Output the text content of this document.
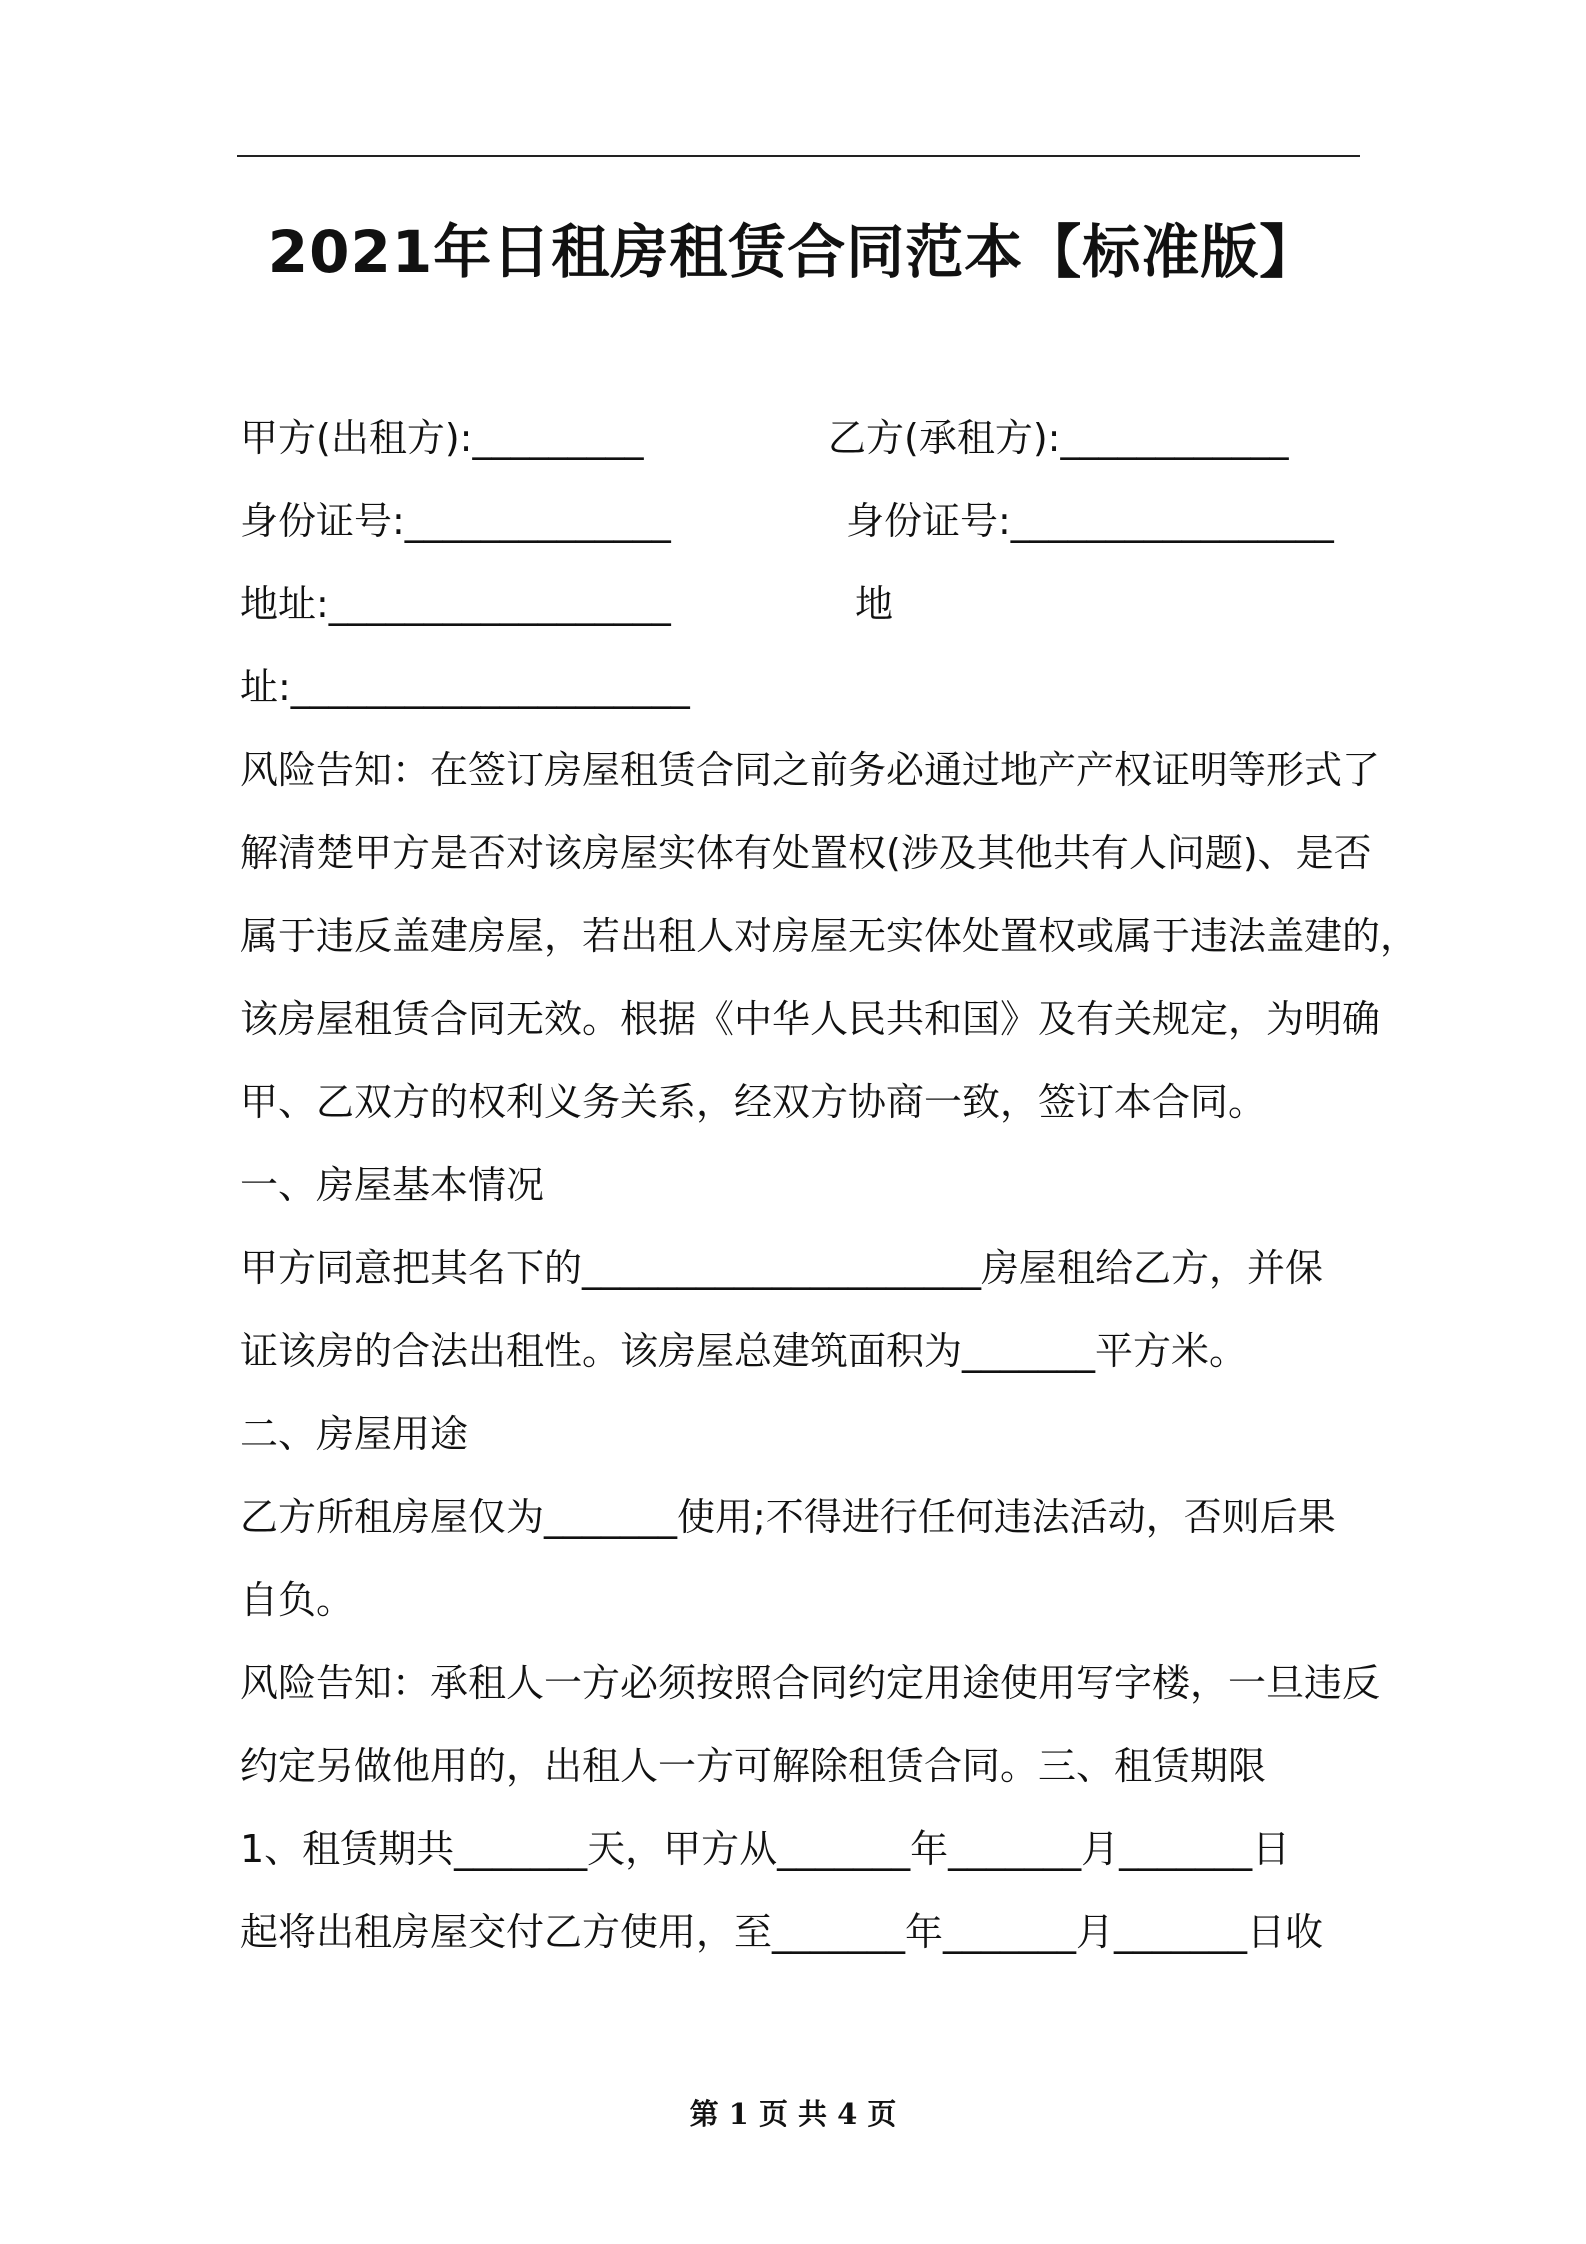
2021年日租房租赁合同范本【标准版】
甲方(出租方):_________	乙方(承租方):____________
身份证号:______________	身份证号:_________________
地址:__________________	地
址:_____________________
风险告知：在签订房屋租赁合同之前务必通过地产产权证明等形式了
解清楚甲方是否对该房屋实体有处置权(涉及其他共有人问题)、是否
属于违反盖建房屋，若出租人对房屋无实体处置权或属于违法盖建的，
该房屋租赁合同无效。根据《中华人民共和国》及有关规定，为明确
甲、乙双方的权利义务关系，经双方协商一致，签订本合同。
一、房屋基本情况
甲方同意把其名下的_____________________房屋租给乙方，并保
证该房的合法出租性。该房屋总建筑面积为_______平方米。
二、房屋用途
乙方所租房屋仅为_______使用;不得进行任何违法活动，否则后果
自负。
风险告知：承租人一方必须按照合同约定用途使用写字楼，一旦违反
约定另做他用的，出租人一方可解除租赁合同。三、租赁期限
1、租赁期共_______天，甲方从_______年_______月_______日
起将出租房屋交付乙方使用，至_______年_______月_______日收
第 1 页 共 4 页
